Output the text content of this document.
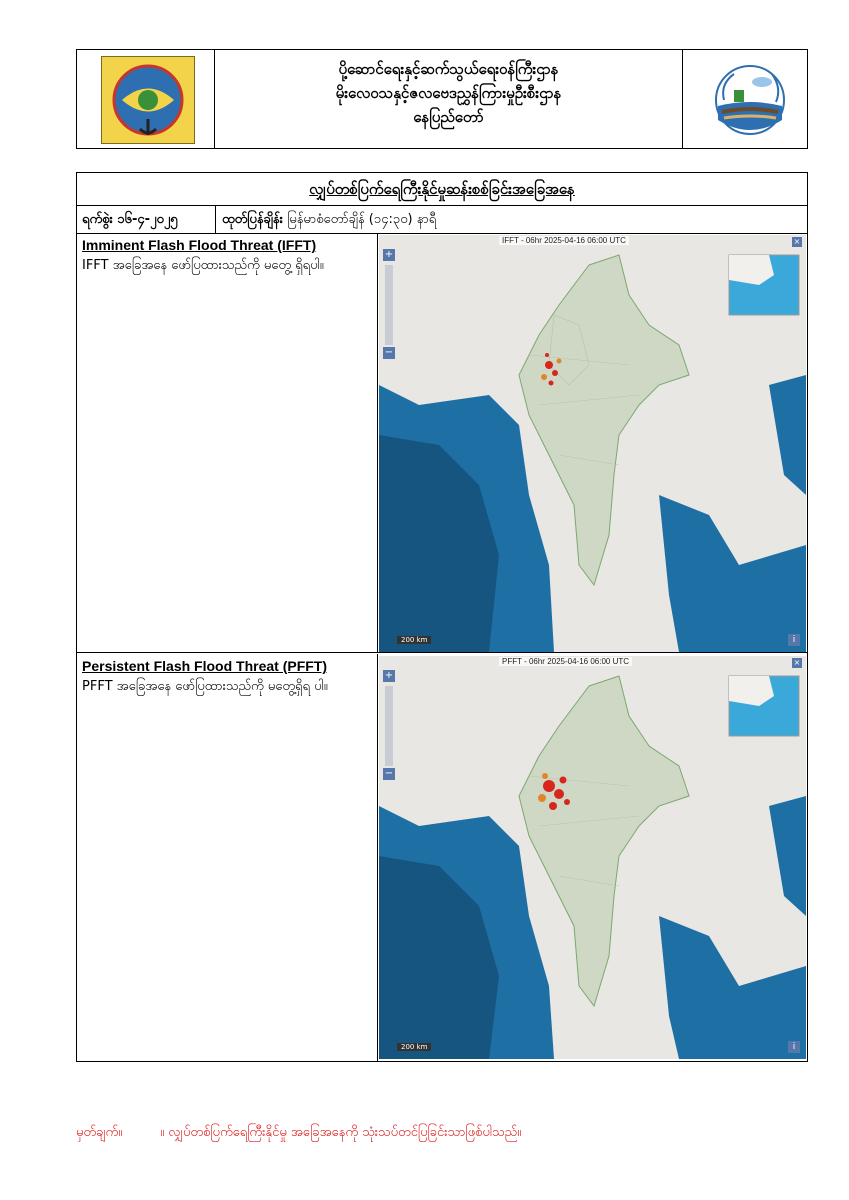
ပို့ဆောင်ရေးနှင့်ဆက်သွယ်ရေးဝန်ကြီးဌာန
မိုးလေဝသနှင့်ဇလဗေဒညွှန်ကြားမှုဦးစီးဌာန
နေပြည်တော်
လျှပ်တစ်ပြက်ရေကြီးနိုင်မှုဆန်းစစ်ခြင်းအခြေအနေ
ရက်စွဲး ၁၆-၄-၂၀၂၅	ထုတ်ပြန်ချိန်း မြန်မာစံတော်ချိန် (၁၄:၃၀) နာရီ
Imminent Flash Flood Threat (IFFT)
IFFT အခြေအနေ ဖော်ပြထားသည်ကို မတွေ့ ရှိရပါ။
IFFT - 06hr 2025-04-16 06:00 UTC
+
−
×
200 km	i
Persistent Flash Flood Threat (PFFT)
PFFT အခြေအနေ ဖော်ပြထားသည်ကို မတွေ့ရှိရ ပါ။
PFFT - 06hr 2025-04-16 06:00 UTC
+
−
×
200 km	i
မှတ်ချက်။	။ လျှပ်တစ်ပြက်ရေကြီးနိုင်မှု အခြေအနေကို သုံးသပ်တင်ပြခြင်းသာဖြစ်ပါသည်။
